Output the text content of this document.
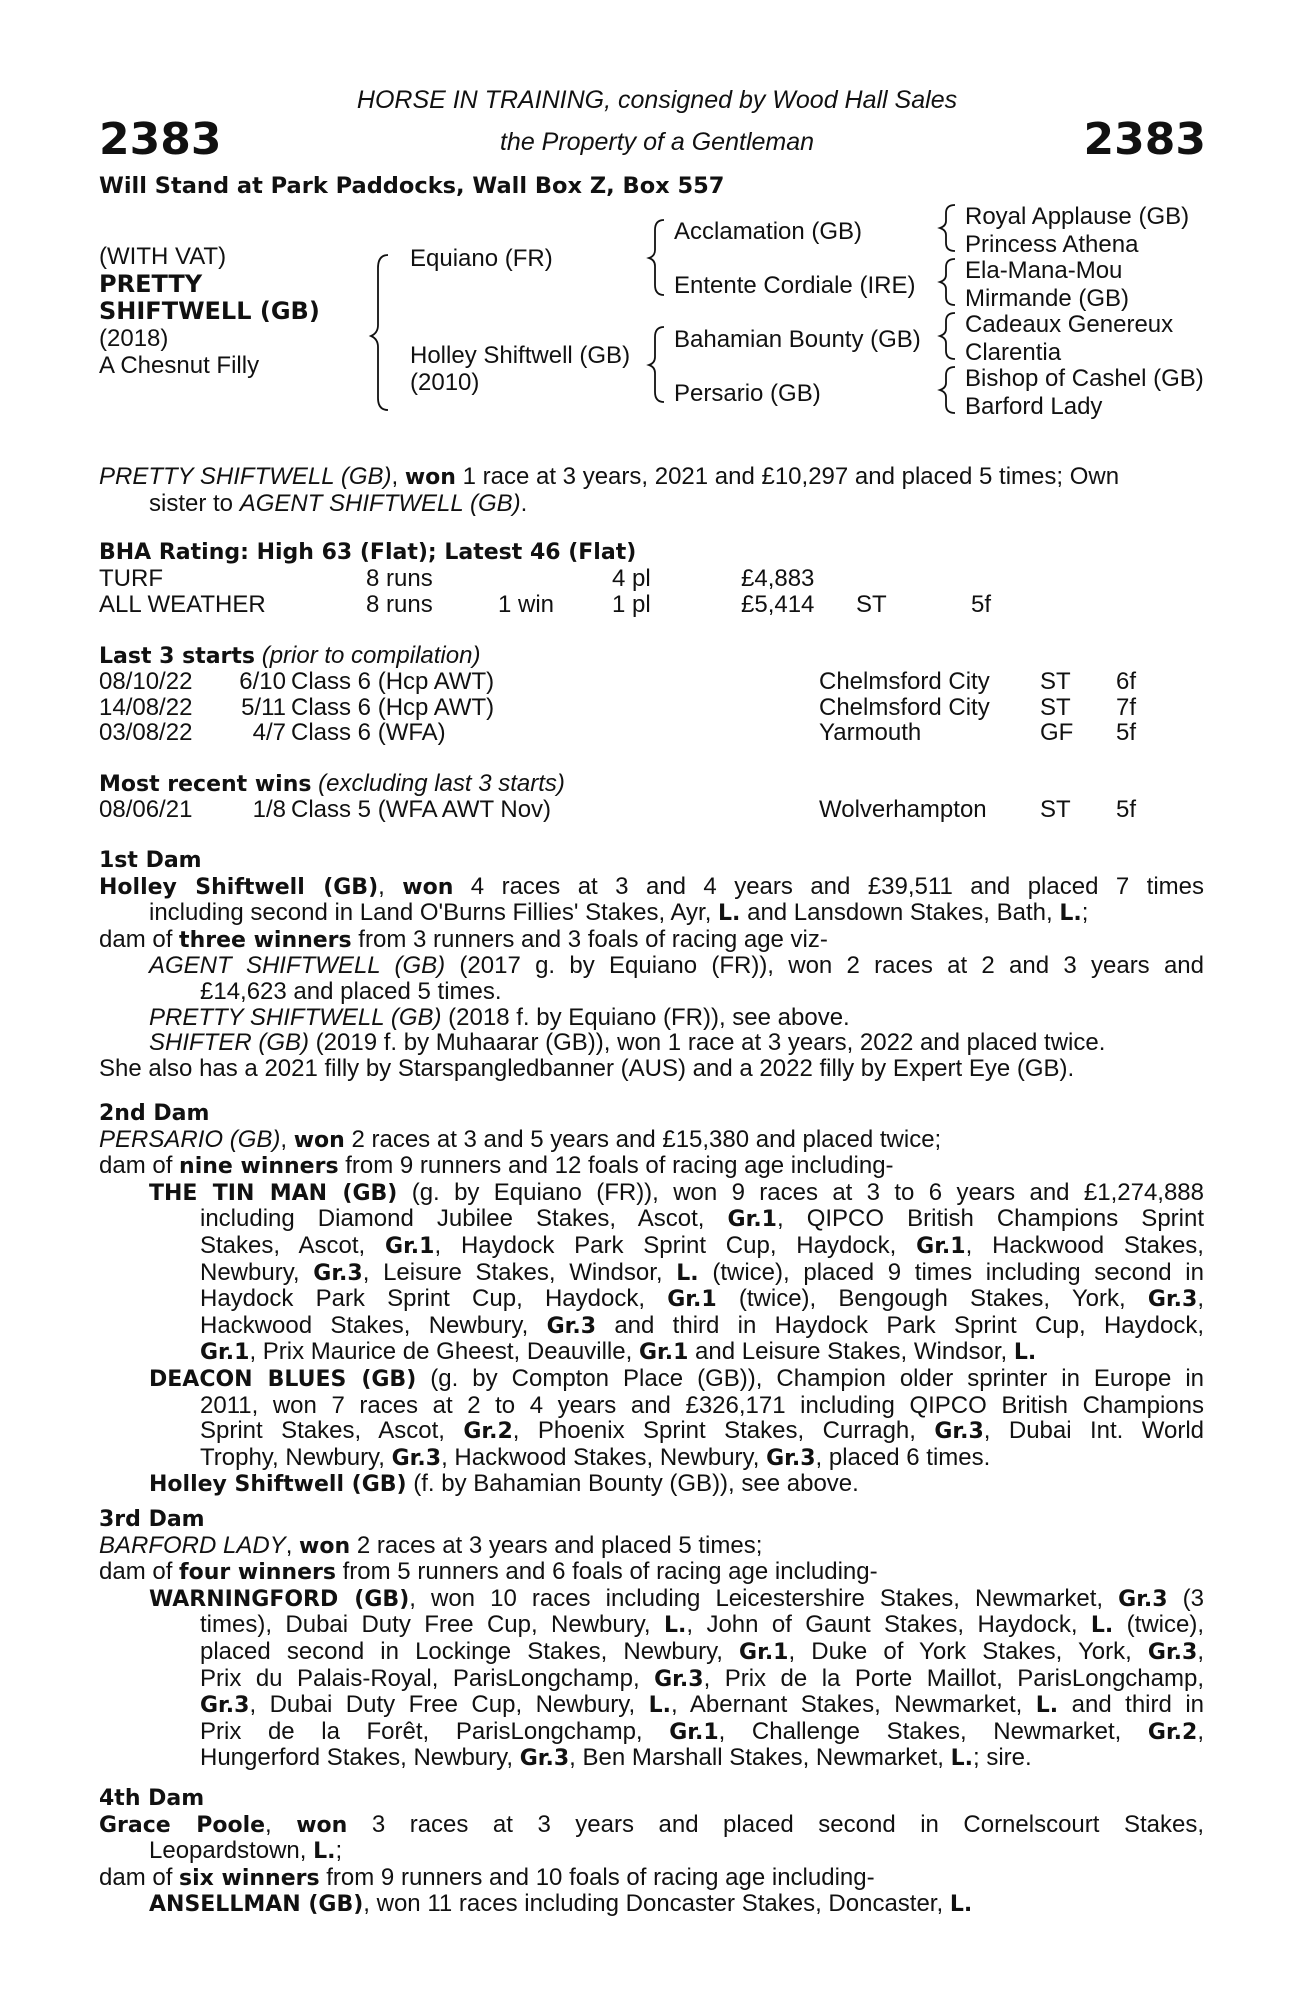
2383	2383
HORSE IN TRAINING, consigned by Wood Hall Sales
the Property of a Gentleman
Will Stand at Park Paddocks, Wall Box Z, Box 557
(WITH VAT)
PRETTY
SHIFTWELL (GB)
(2018)
A Chesnut Filly
Equiano (FR)
Holley Shiftwell (GB)
(2010)
Acclamation (GB)
Entente Cordiale (IRE)
Bahamian Bounty (GB)
Persario (GB)
Royal Applause (GB)
Princess Athena
Ela-Mana-Mou
Mirmande (GB)
Cadeaux Genereux
Clarentia
Bishop of Cashel (GB)
Barford Lady
PRETTY SHIFTWELL (GB), won 1 race at 3 years, 2021 and £10,297 and placed 5 times; Own
sister to AGENT SHIFTWELL (GB).
BHA Rating: High 63 (Flat); Latest 46 (Flat)
TURF	8 runs	4 pl	£4,883
ALL WEATHER	8 runs	1 win 1 pl	£5,414 ST	5f
Last 3 starts (prior to compilation)
08/10/22 6/10 Class 6 (Hcp AWT)	Chelmsford City ST 6f
14/08/22 5/11 Class 6 (Hcp AWT)	Chelmsford City ST 7f
03/08/22	4/7 Class 6 (WFA)	Yarmouth	GF 5f
Most recent wins (excluding last 3 starts)
08/06/21	1/8 Class 5 (WFA AWT Nov)	Wolverhampton ST 5f
1st Dam
Holley Shiftwell (GB), won 4 races at 3 and 4 years and £39,511 and placed 7 times
including second in Land O'Burns Fillies' Stakes, Ayr, L. and Lansdown Stakes, Bath, L.;
dam of three winners from 3 runners and 3 foals of racing age viz-
AGENT SHIFTWELL (GB) (2017 g. by Equiano (FR)), won 2 races at 2 and 3 years and
£14,623 and placed 5 times.
PRETTY SHIFTWELL (GB) (2018 f. by Equiano (FR)), see above.
SHIFTER (GB) (2019 f. by Muhaarar (GB)), won 1 race at 3 years, 2022 and placed twice.
She also has a 2021 filly by Starspangledbanner (AUS) and a 2022 filly by Expert Eye (GB).
2nd Dam
PERSARIO (GB), won 2 races at 3 and 5 years and £15,380 and placed twice;
dam of nine winners from 9 runners and 12 foals of racing age including-
THE TIN MAN (GB) (g. by Equiano (FR)), won 9 races at 3 to 6 years and £1,274,888
including Diamond Jubilee Stakes, Ascot, Gr.1, QIPCO British Champions Sprint
Stakes, Ascot, Gr.1, Haydock Park Sprint Cup, Haydock, Gr.1, Hackwood Stakes,
Newbury, Gr.3, Leisure Stakes, Windsor, L. (twice), placed 9 times including second in
Haydock Park Sprint Cup, Haydock, Gr.1 (twice), Bengough Stakes, York, Gr.3,
Hackwood Stakes, Newbury, Gr.3 and third in Haydock Park Sprint Cup, Haydock,
Gr.1, Prix Maurice de Gheest, Deauville, Gr.1 and Leisure Stakes, Windsor, L.
DEACON BLUES (GB) (g. by Compton Place (GB)), Champion older sprinter in Europe in
2011, won 7 races at 2 to 4 years and £326,171 including QIPCO British Champions
Sprint Stakes, Ascot, Gr.2, Phoenix Sprint Stakes, Curragh, Gr.3, Dubai Int. World
Trophy, Newbury, Gr.3, Hackwood Stakes, Newbury, Gr.3, placed 6 times.
Holley Shiftwell (GB) (f. by Bahamian Bounty (GB)), see above.
3rd Dam
BARFORD LADY, won 2 races at 3 years and placed 5 times;
dam of four winners from 5 runners and 6 foals of racing age including-
WARNINGFORD (GB), won 10 races including Leicestershire Stakes, Newmarket, Gr.3 (3
times), Dubai Duty Free Cup, Newbury, L., John of Gaunt Stakes, Haydock, L. (twice),
placed second in Lockinge Stakes, Newbury, Gr.1, Duke of York Stakes, York, Gr.3,
Prix du Palais-Royal, ParisLongchamp, Gr.3, Prix de la Porte Maillot, ParisLongchamp,
Gr.3, Dubai Duty Free Cup, Newbury, L., Abernant Stakes, Newmarket, L. and third in
Prix de la Forêt, ParisLongchamp, Gr.1, Challenge Stakes, Newmarket, Gr.2,
Hungerford Stakes, Newbury, Gr.3, Ben Marshall Stakes, Newmarket, L.; sire.
4th Dam
Grace Poole, won 3 races at 3 years and placed second in Cornelscourt Stakes,
Leopardstown, L.;
dam of six winners from 9 runners and 10 foals of racing age including-
ANSELLMAN (GB), won 11 races including Doncaster Stakes, Doncaster, L.
